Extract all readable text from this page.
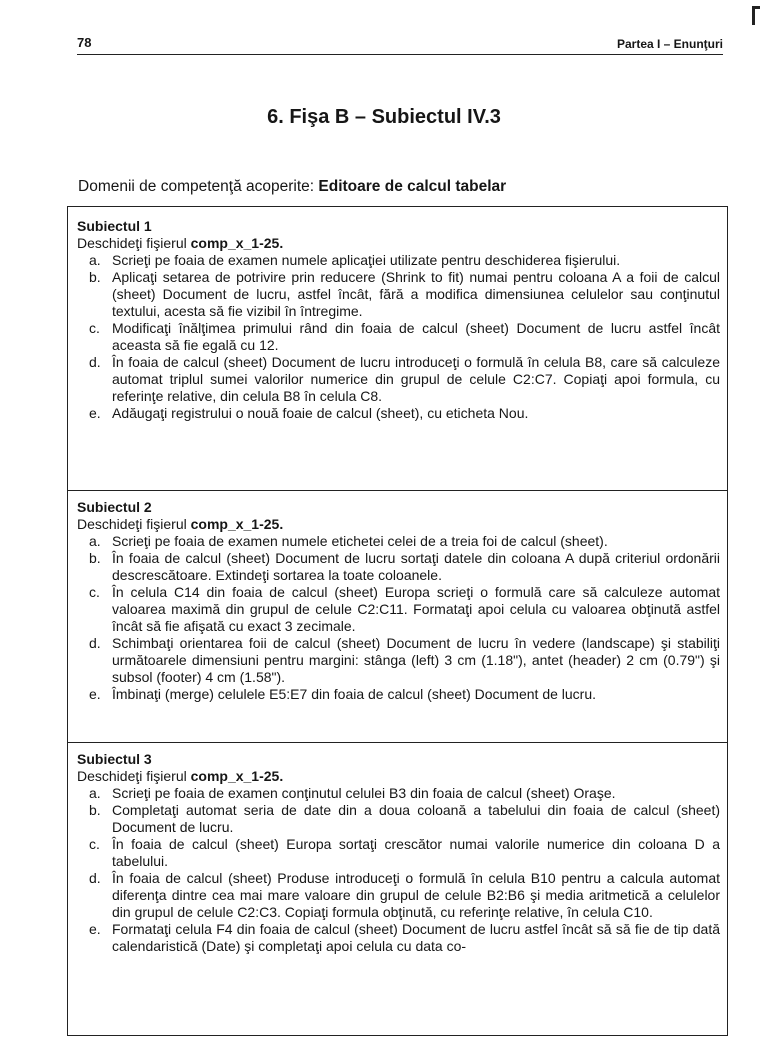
78	Partea I – Enunţuri
6. Fişa B – Subiectul IV.3
Domenii de competenţă acoperite: Editoare de calcul tabelar
Subiectul 1
Deschideţi fişierul comp_x_1-25.
a. Scrieţi pe foaia de examen numele aplicaţiei utilizate pentru deschiderea fişierului.
b. Aplicaţi setarea de potrivire prin reducere (Shrink to fit) numai pentru coloana A a foii de calcul (sheet) Document de lucru, astfel încât, fără a modifica dimensiunea celulelor sau conţinutul textului, acesta să fie vizibil în întregime.
c. Modificaţi înălţimea primului rând din foaia de calcul (sheet) Document de lucru astfel încât aceasta să fie egală cu 12.
d. În foaia de calcul (sheet) Document de lucru introduceţi o formulă în celula B8, care să calculeze automat triplul sumei valorilor numerice din grupul de celule C2:C7. Copiaţi apoi formula, cu referinţe relative, din celula B8 în celula C8.
e. Adăugaţi registrului o nouă foaie de calcul (sheet), cu eticheta Nou.
Subiectul 2
Deschideţi fişierul comp_x_1-25.
a. Scrieţi pe foaia de examen numele etichetei celei de a treia foi de calcul (sheet).
b. În foaia de calcul (sheet) Document de lucru sortaţi datele din coloana A după criteriul ordonării descrescătoare. Extindeţi sortarea la toate coloanele.
c. În celula C14 din foaia de calcul (sheet) Europa scrieţi o formulă care să calculeze automat valoarea maximă din grupul de celule C2:C11. Formataţi apoi celula cu valoarea obţinută astfel încât să fie afişată cu exact 3 zecimale.
d. Schimbaţi orientarea foii de calcul (sheet) Document de lucru în vedere (landscape) şi stabiliţi următoarele dimensiuni pentru margini: stânga (left) 3 cm (1.18"), antet (header) 2 cm (0.79") şi subsol (footer) 4 cm (1.58").
e. Îmbinaţi (merge) celulele E5:E7 din foaia de calcul (sheet) Document de lucru.
Subiectul 3
Deschideţi fişierul comp_x_1-25.
a. Scrieţi pe foaia de examen conţinutul celulei B3 din foaia de calcul (sheet) Oraşe.
b. Completaţi automat seria de date din a doua coloană a tabelului din foaia de calcul (sheet) Document de lucru.
c. În foaia de calcul (sheet) Europa sortaţi crescător numai valorile numerice din coloana D a tabelului.
d. În foaia de calcul (sheet) Produse introduceţi o formulă în celula B10 pentru a calcula automat diferenţa dintre cea mai mare valoare din grupul de celule B2:B6 şi media aritmetică a celulelor din grupul de celule C2:C3. Copiaţi formula obţinută, cu referinţe relative, în celula C10.
e. Formataţi celula F4 din foaia de calcul (sheet) Document de lucru astfel încât să să fie de tip dată calendaristică (Date) şi completaţi apoi celula cu data co-
